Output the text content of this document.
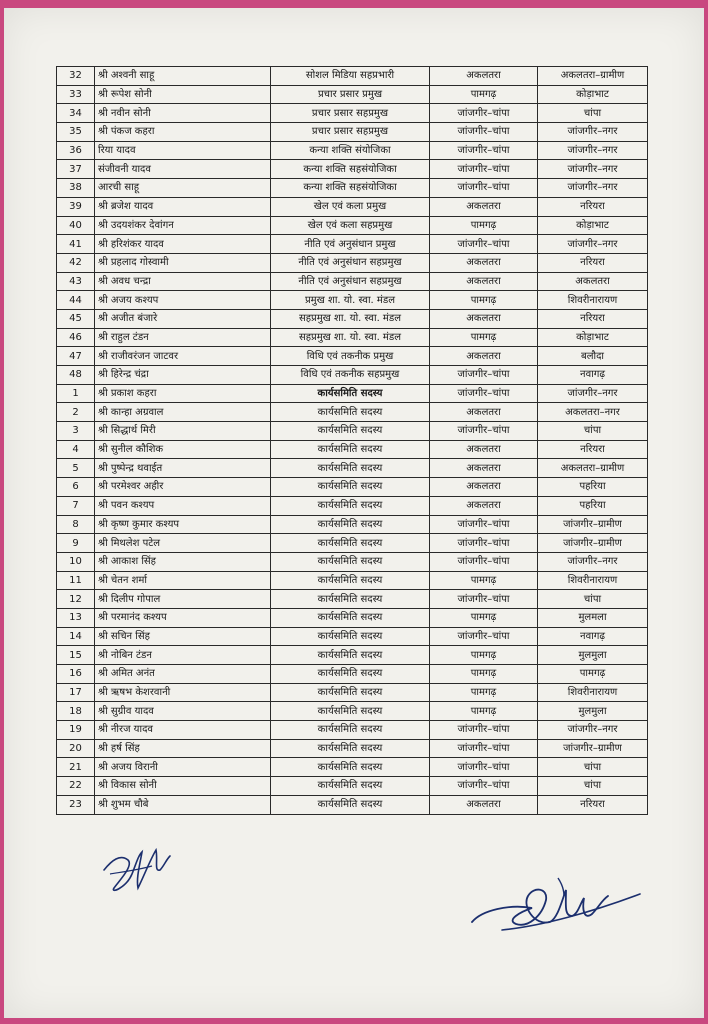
32	श्री अश्वनी साहू	सोशल मिडिया सहप्रभारी	अकलतरा	अकलतरा–ग्रामीण
33	श्री रूपेश सोनी	प्रचार प्रसार प्रमुख	पामगढ़	कोड़ाभाट
34	श्री नवीन सोनी	प्रचार प्रसार सहप्रमुख	जांजगीर–चांपा	चांपा
35	श्री पंकज कहरा	प्रचार प्रसार सहप्रमुख	जांजगीर–चांपा	जांजगीर–नगर
36	रिया यादव	कन्या शक्ति संयोजिका	जांजगीर–चांपा	जांजगीर–नगर
37	संजीवनी यादव	कन्या शक्ति सहसंयोजिका	जांजगीर–चांपा	जांजगीर–नगर
38	आरची साहू	कन्या शक्ति सहसंयोजिका	जांजगीर–चांपा	जांजगीर–नगर
39	श्री ब्रजेश यादव	खेल एवं कला प्रमुख	अकलतरा	नरियरा
40	श्री उदयशंकर देवांगन	खेल एवं कला सहप्रमुख	पामगढ़	कोड़ाभाट
41	श्री हरिशंकर यादव	नीति एवं अनुसंधान प्रमुख	जांजगीर–चांपा	जांजगीर–नगर
42	श्री प्रहलाद गोस्वामी	नीति एवं अनुसंधान सहप्रमुख	अकलतरा	नरियरा
43	श्री अवध चन्द्रा	नीति एवं अनुसंधान सहप्रमुख	अकलतरा	अकलतरा
44	श्री अजय कश्यप	प्रमुख शा. यो. स्वा. मंडल	पामगढ़	शिवरीनारायण
45	श्री अजीत बंजारे	सहप्रमुख शा. यो. स्वा. मंडल	अकलतरा	नरियरा
46	श्री राहुल टंडन	सहप्रमुख शा. यो. स्वा. मंडल	पामगढ़	कोड़ाभाट
47	श्री राजीवरंजन जाटवर	विधि एवं तकनीक प्रमुख	अकलतरा	बलौदा
48	श्री हिरेन्द्र चंद्रा	विधि एवं तकनीक सहप्रमुख	जांजगीर–चांपा	नवागढ़
1	श्री प्रकाश कहरा	कार्यसमिति सदस्य	जांजगीर–चांपा	जांजगीर–नगर
2	श्री कान्हा अग्रवाल	कार्यसमिति सदस्य	अकलतरा	अकलतरा–नगर
3	श्री सिद्धार्थ मिरी	कार्यसमिति सदस्य	जांजगीर–चांपा	चांपा
4	श्री सुनील कौशिक	कार्यसमिति सदस्य	अकलतरा	नरियरा
5	श्री पुष्पेन्द्र थवाईत	कार्यसमिति सदस्य	अकलतरा	अकलतरा–ग्रामीण
6	श्री परमेश्वर अहीर	कार्यसमिति सदस्य	अकलतरा	पहरिया
7	श्री पवन कश्यप	कार्यसमिति सदस्य	अकलतरा	पहरिया
8	श्री कृष्ण कुमार कश्यप	कार्यसमिति सदस्य	जांजगीर–चांपा	जांजगीर–ग्रामीण
9	श्री मिथलेश पटेल	कार्यसमिति सदस्य	जांजगीर–चांपा	जांजगीर–ग्रामीण
10	श्री आकाश सिंह	कार्यसमिति सदस्य	जांजगीर–चांपा	जांजगीर–नगर
11	श्री चेतन शर्मा	कार्यसमिति सदस्य	पामगढ़	शिवरीनारायण
12	श्री दिलीप गोपाल	कार्यसमिति सदस्य	जांजगीर–चांपा	चांपा
13	श्री परमानंद कश्यप	कार्यसमिति सदस्य	पामगढ़	मुलमला
14	श्री सचिन सिंह	कार्यसमिति सदस्य	जांजगीर–चांपा	नवागढ़
15	श्री नोबिन टंडन	कार्यसमिति सदस्य	पामगढ़	मुलमुला
16	श्री अमित अनंत	कार्यसमिति सदस्य	पामगढ़	पामगढ़
17	श्री ऋषभ केशरवानी	कार्यसमिति सदस्य	पामगढ़	शिवरीनारायण
18	श्री सुग्रीव यादव	कार्यसमिति सदस्य	पामगढ़	मुलमुला
19	श्री नीरज यादव	कार्यसमिति सदस्य	जांजगीर–चांपा	जांजगीर–नगर
20	श्री हर्ष सिंह	कार्यसमिति सदस्य	जांजगीर–चांपा	जांजगीर–ग्रामीण
21	श्री अजय विरानी	कार्यसमिति सदस्य	जांजगीर–चांपा	चांपा
22	श्री विकास सोनी	कार्यसमिति सदस्य	जांजगीर–चांपा	चांपा
23	श्री शुभम चौबे	कार्यसमिति सदस्य	अकलतरा	नरियरा
